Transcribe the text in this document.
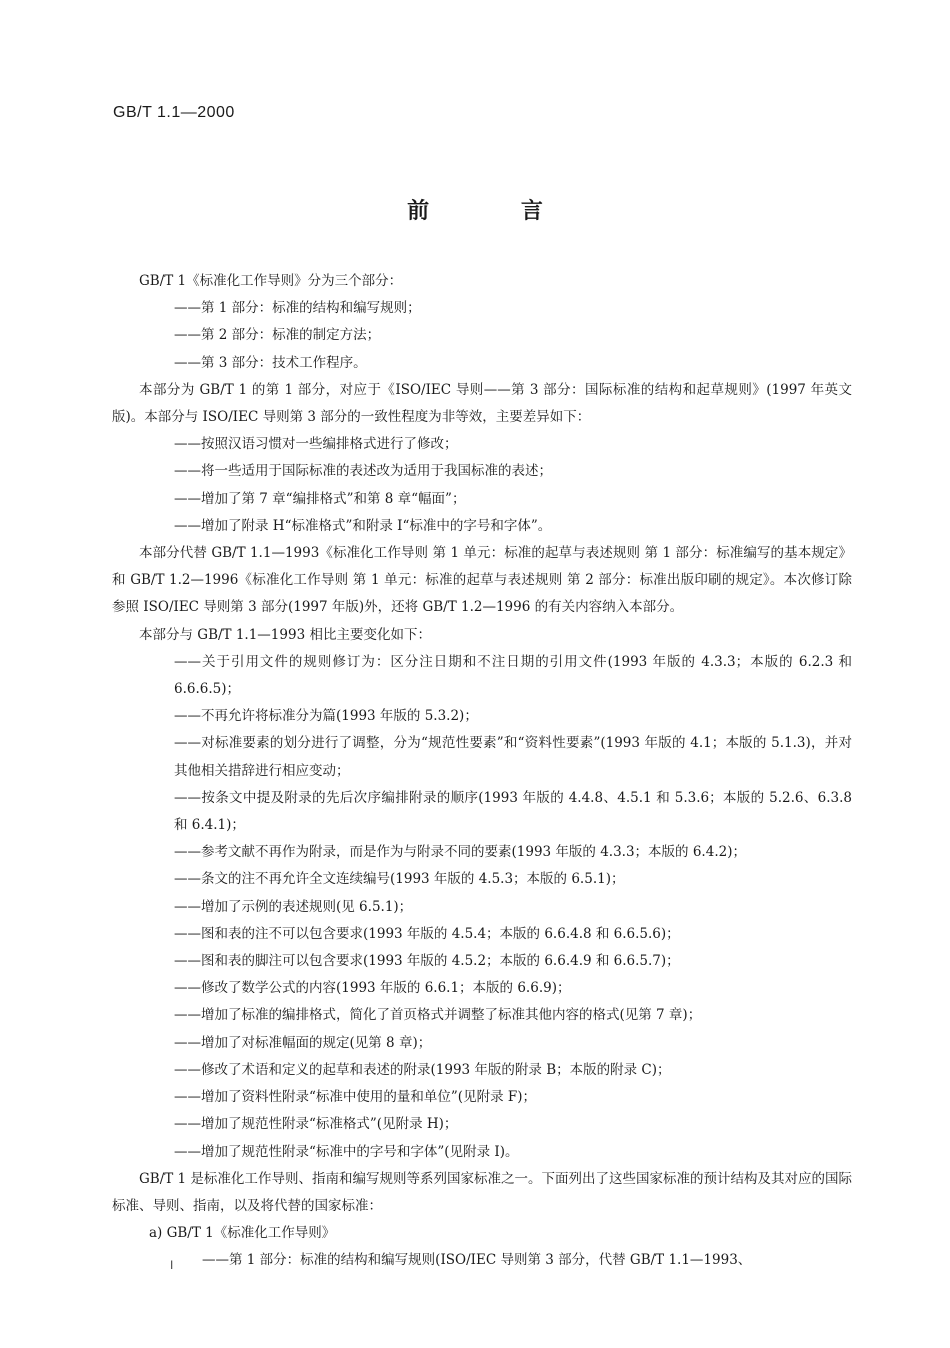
GB/T 1.1—2000
前 言

GB/T 1《标准化工作导则》分为三个部分：

——第 1 部分：标准的结构和编写规则；

——第 2 部分：标准的制定方法；

——第 3 部分：技术工作程序。

本部分为 GB/T 1 的第 1 部分，对应于《ISO/IEC 导则——第 3 部分：国际标准的结构和起草规则》(1997 年英文版)。本部分与 ISO/IEC 导则第 3 部分的一致性程度为非等效，主要差异如下：

——按照汉语习惯对一些编排格式进行了修改；

——将一些适用于国际标准的表述改为适用于我国标准的表述；

——增加了第 7 章“编排格式”和第 8 章“幅面”；

——增加了附录 H“标准格式”和附录 I“标准中的字号和字体”。

本部分代替 GB/T 1.1—1993《标准化工作导则 第 1 单元：标准的起草与表述规则 第 1 部分：标准编写的基本规定》和 GB/T 1.2—1996《标准化工作导则 第 1 单元：标准的起草与表述规则 第 2 部分：标准出版印刷的规定》。本次修订除参照 ISO/IEC 导则第 3 部分(1997 年版)外，还将 GB/T 1.2—1996 的有关内容纳入本部分。

本部分与 GB/T 1.1—1993 相比主要变化如下：

——关于引用文件的规则修订为：区分注日期和不注日期的引用文件(1993 年版的 4.3.3；本版的 6.2.3 和 6.6.6.5)；

——不再允许将标准分为篇(1993 年版的 5.3.2)；

——对标准要素的划分进行了调整，分为“规范性要素”和“资料性要素”(1993 年版的 4.1；本版的 5.1.3)，并对其他相关措辞进行相应变动；

——按条文中提及附录的先后次序编排附录的顺序(1993 年版的 4.4.8、4.5.1 和 5.3.6；本版的 5.2.6、6.3.8 和 6.4.1)；

——参考文献不再作为附录，而是作为与附录不同的要素(1993 年版的 4.3.3；本版的 6.4.2)；

——条文的注不再允许全文连续编号(1993 年版的 4.5.3；本版的 6.5.1)；

——增加了示例的表述规则(见 6.5.1)；

——图和表的注不可以包含要求(1993 年版的 4.5.4；本版的 6.6.4.8 和 6.6.5.6)；

——图和表的脚注可以包含要求(1993 年版的 4.5.2；本版的 6.6.4.9 和 6.6.5.7)；

——修改了数学公式的内容(1993 年版的 6.6.1；本版的 6.6.9)；

——增加了标准的编排格式，简化了首页格式并调整了标准其他内容的格式(见第 7 章)；

——增加了对标准幅面的规定(见第 8 章)；

——修改了术语和定义的起草和表述的附录(1993 年版的附录 B；本版的附录 C)；

——增加了资料性附录“标准中使用的量和单位”(见附录 F)；

——增加了规范性附录“标准格式”(见附录 H)；

——增加了规范性附录“标准中的字号和字体”(见附录 I)。

GB/T 1 是标准化工作导则、指南和编写规则等系列国家标准之一。下面列出了这些国家标准的预计结构及其对应的国际标准、导则、指南，以及将代替的国家标准：

a) GB/T 1《标准化工作导则》

——第 1 部分：标准的结构和编写规则(ISO/IEC 导则第 3 部分，代替 GB/T 1.1—1993、

I
